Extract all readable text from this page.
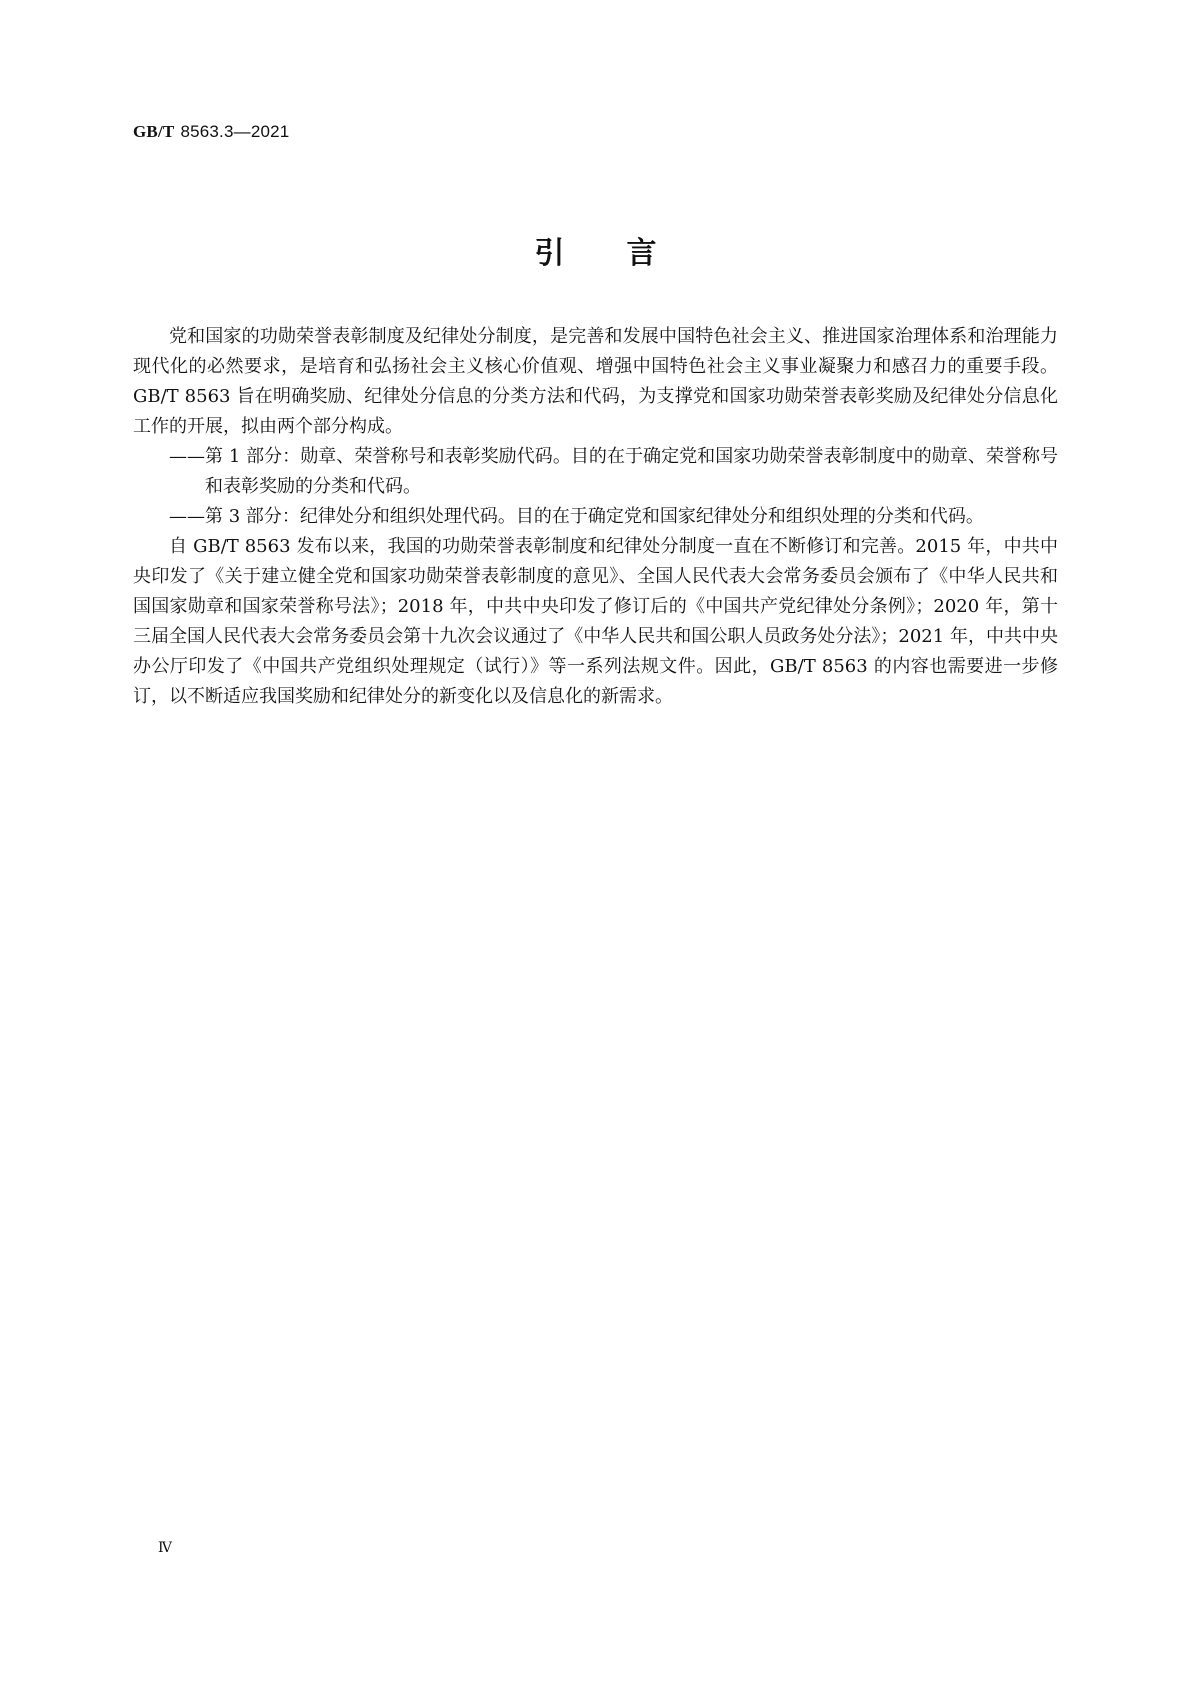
GB/T 8563.3—2021
引 言

党和国家的功勋荣誉表彰制度及纪律处分制度，是完善和发展中国特色社会主义、推进国家治理体系和治理能力现代化的必然要求，是培育和弘扬社会主义核心价值观、增强中国特色社会主义事业凝聚力和感召力的重要手段。GB/T 8563 旨在明确奖励、纪律处分信息的分类方法和代码，为支撑党和国家功勋荣誉表彰奖励及纪律处分信息化工作的开展，拟由两个部分构成。

——第 1 部分：勋章、荣誉称号和表彰奖励代码。目的在于确定党和国家功勋荣誉表彰制度中的勋章、荣誉称号和表彰奖励的分类和代码。

——第 3 部分：纪律处分和组织处理代码。目的在于确定党和国家纪律处分和组织处理的分类和代码。

自 GB/T 8563 发布以来，我国的功勋荣誉表彰制度和纪律处分制度一直在不断修订和完善。2015 年，中共中央印发了《关于建立健全党和国家功勋荣誉表彰制度的意见》、全国人民代表大会常务委员会颁布了《中华人民共和国国家勋章和国家荣誉称号法》；2018 年，中共中央印发了修订后的《中国共产党纪律处分条例》；2020 年，第十三届全国人民代表大会常务委员会第十九次会议通过了《中华人民共和国公职人员政务处分法》；2021 年，中共中央办公厅印发了《中国共产党组织处理规定（试行）》等一系列法规文件。因此，GB/T 8563 的内容也需要进一步修订，以不断适应我国奖励和纪律处分的新变化以及信息化的新需求。

Ⅳ
